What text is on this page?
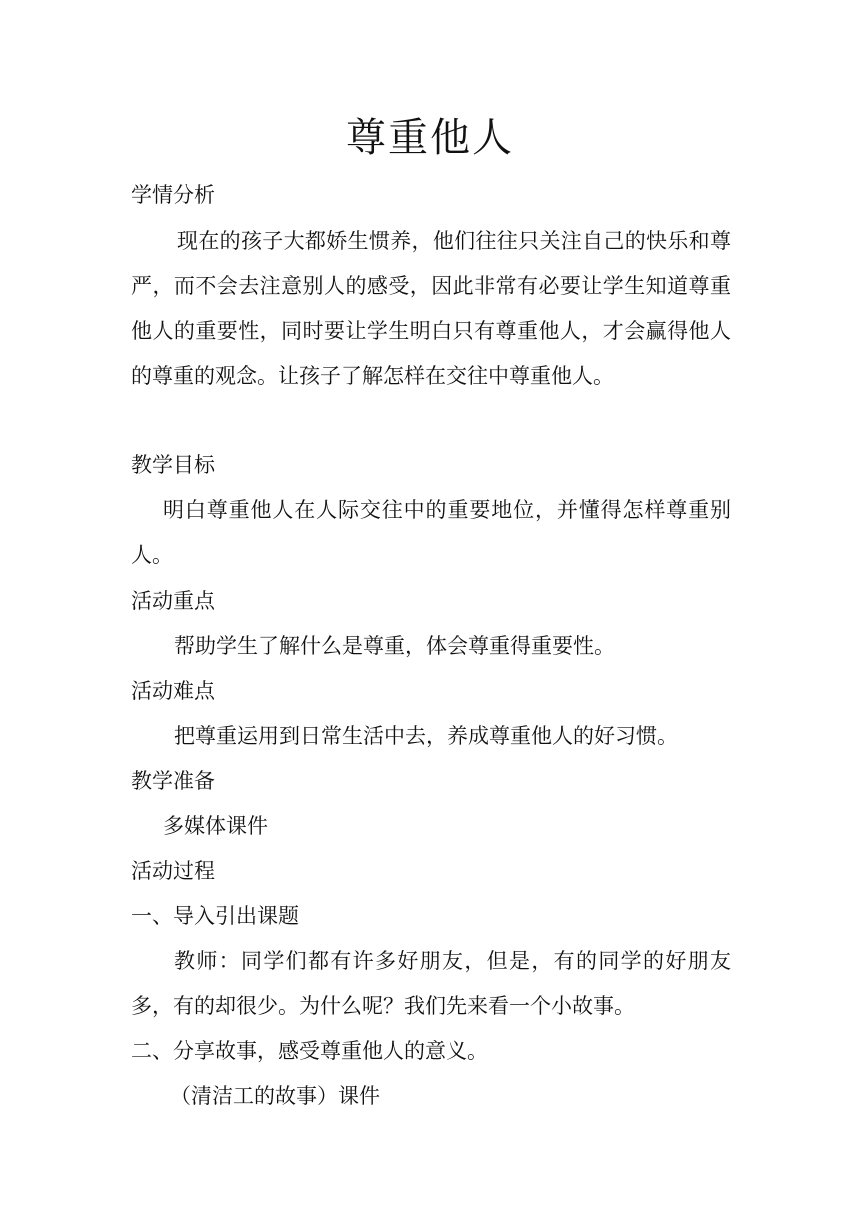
尊重他人
学情分析
现在的孩子大都娇生惯养，他们往往只关注自己的快乐和尊严，而不会去注意别人的感受，因此非常有必要让学生知道尊重他人的重要性，同时要让学生明白只有尊重他人，才会赢得他人的尊重的观念。让孩子了解怎样在交往中尊重他人。
教学目标
明白尊重他人在人际交往中的重要地位，并懂得怎样尊重别人。
活动重点
帮助学生了解什么是尊重，体会尊重得重要性。
活动难点
把尊重运用到日常生活中去，养成尊重他人的好习惯。
教学准备
多媒体课件
活动过程
一、导入引出课题
教师：同学们都有许多好朋友，但是，有的同学的好朋友多，有的却很少。为什么呢？我们先来看一个小故事。
二、分享故事，感受尊重他人的意义。
（清洁工的故事）课件
